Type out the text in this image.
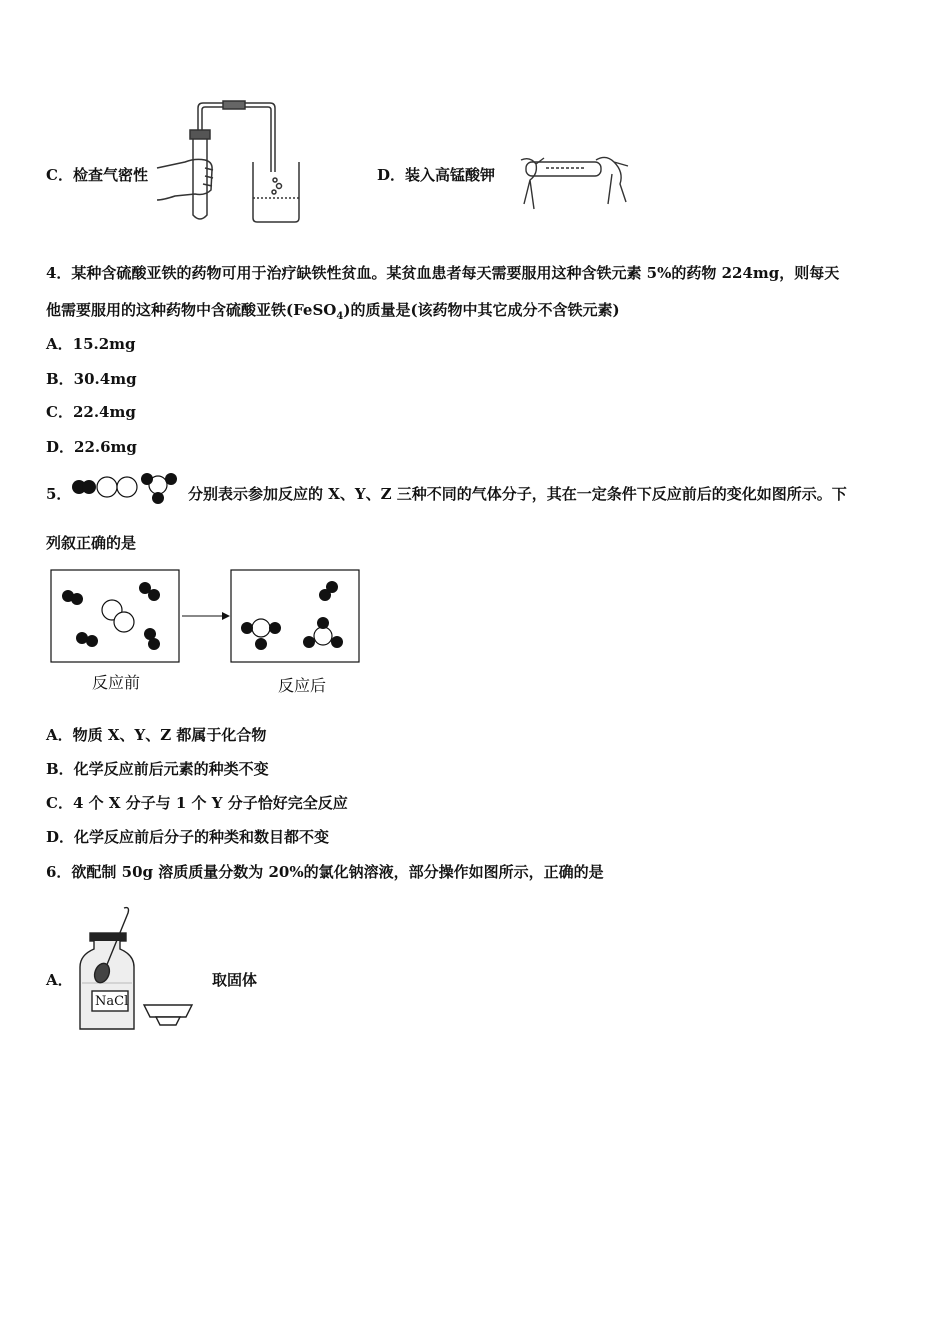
C．检查气密性	D．装入高锰酸钾
4．某种含硫酸亚铁的药物可用于治疗缺铁性贫血。某贫血患者每天需要服用这种含铁元素 5%的药物 224mg，则每天
他需要服用的这种药物中含硫酸亚铁(FeSO$_4$)的质量是(该药物中其它成分不含铁元素)
A．15.2mg
B．30.4mg
C．22.4mg
D．22.6mg
5．	分别表示参加反应的 X、Y、Z 三种不同的气体分子，其在一定条件下反应前后的变化如图所示。下
列叙正确的是
反应前	反应后
A．物质 X、Y、Z 都属于化合物
B．化学反应前后元素的种类不变
C．4 个 X 分子与 1 个 Y 分子恰好完全反应
D．化学反应前后分子的种类和数目都不变
6．欲配制 50g 溶质质量分数为 20%的氯化钠溶液，部分操作如图所示，正确的是
A．
NaCl
取固体
